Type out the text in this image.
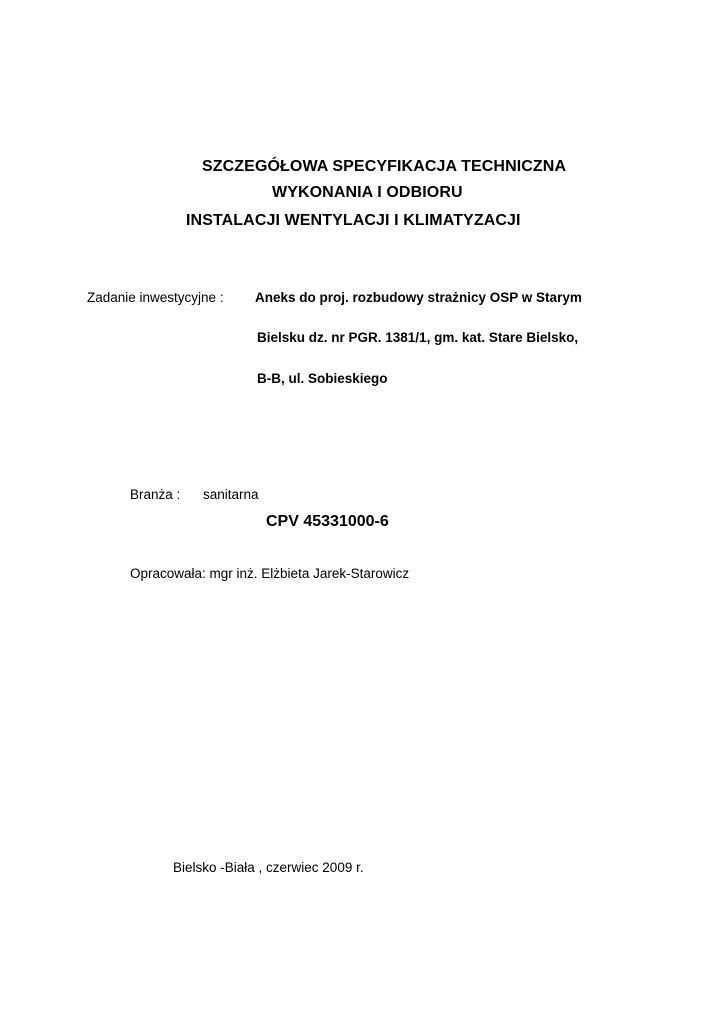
SZCZEGÓŁOWA SPECYFIKACJA TECHNICZNA
WYKONANIA I ODBIORU
INSTALACJI WENTYLACJI I KLIMATYZACJI
Zadanie inwestycyjne : Aneks do proj. rozbudowy strażnicy OSP w Starym
Bielsku dz. nr PGR. 1381/1, gm. kat. Stare Bielsko,
B-B, ul. Sobieskiego
Branża : sanitarna
CPV 45331000-6
Opracowała: mgr inż. Elżbieta Jarek-Starowicz
Bielsko -Biała , czerwiec 2009 r.
